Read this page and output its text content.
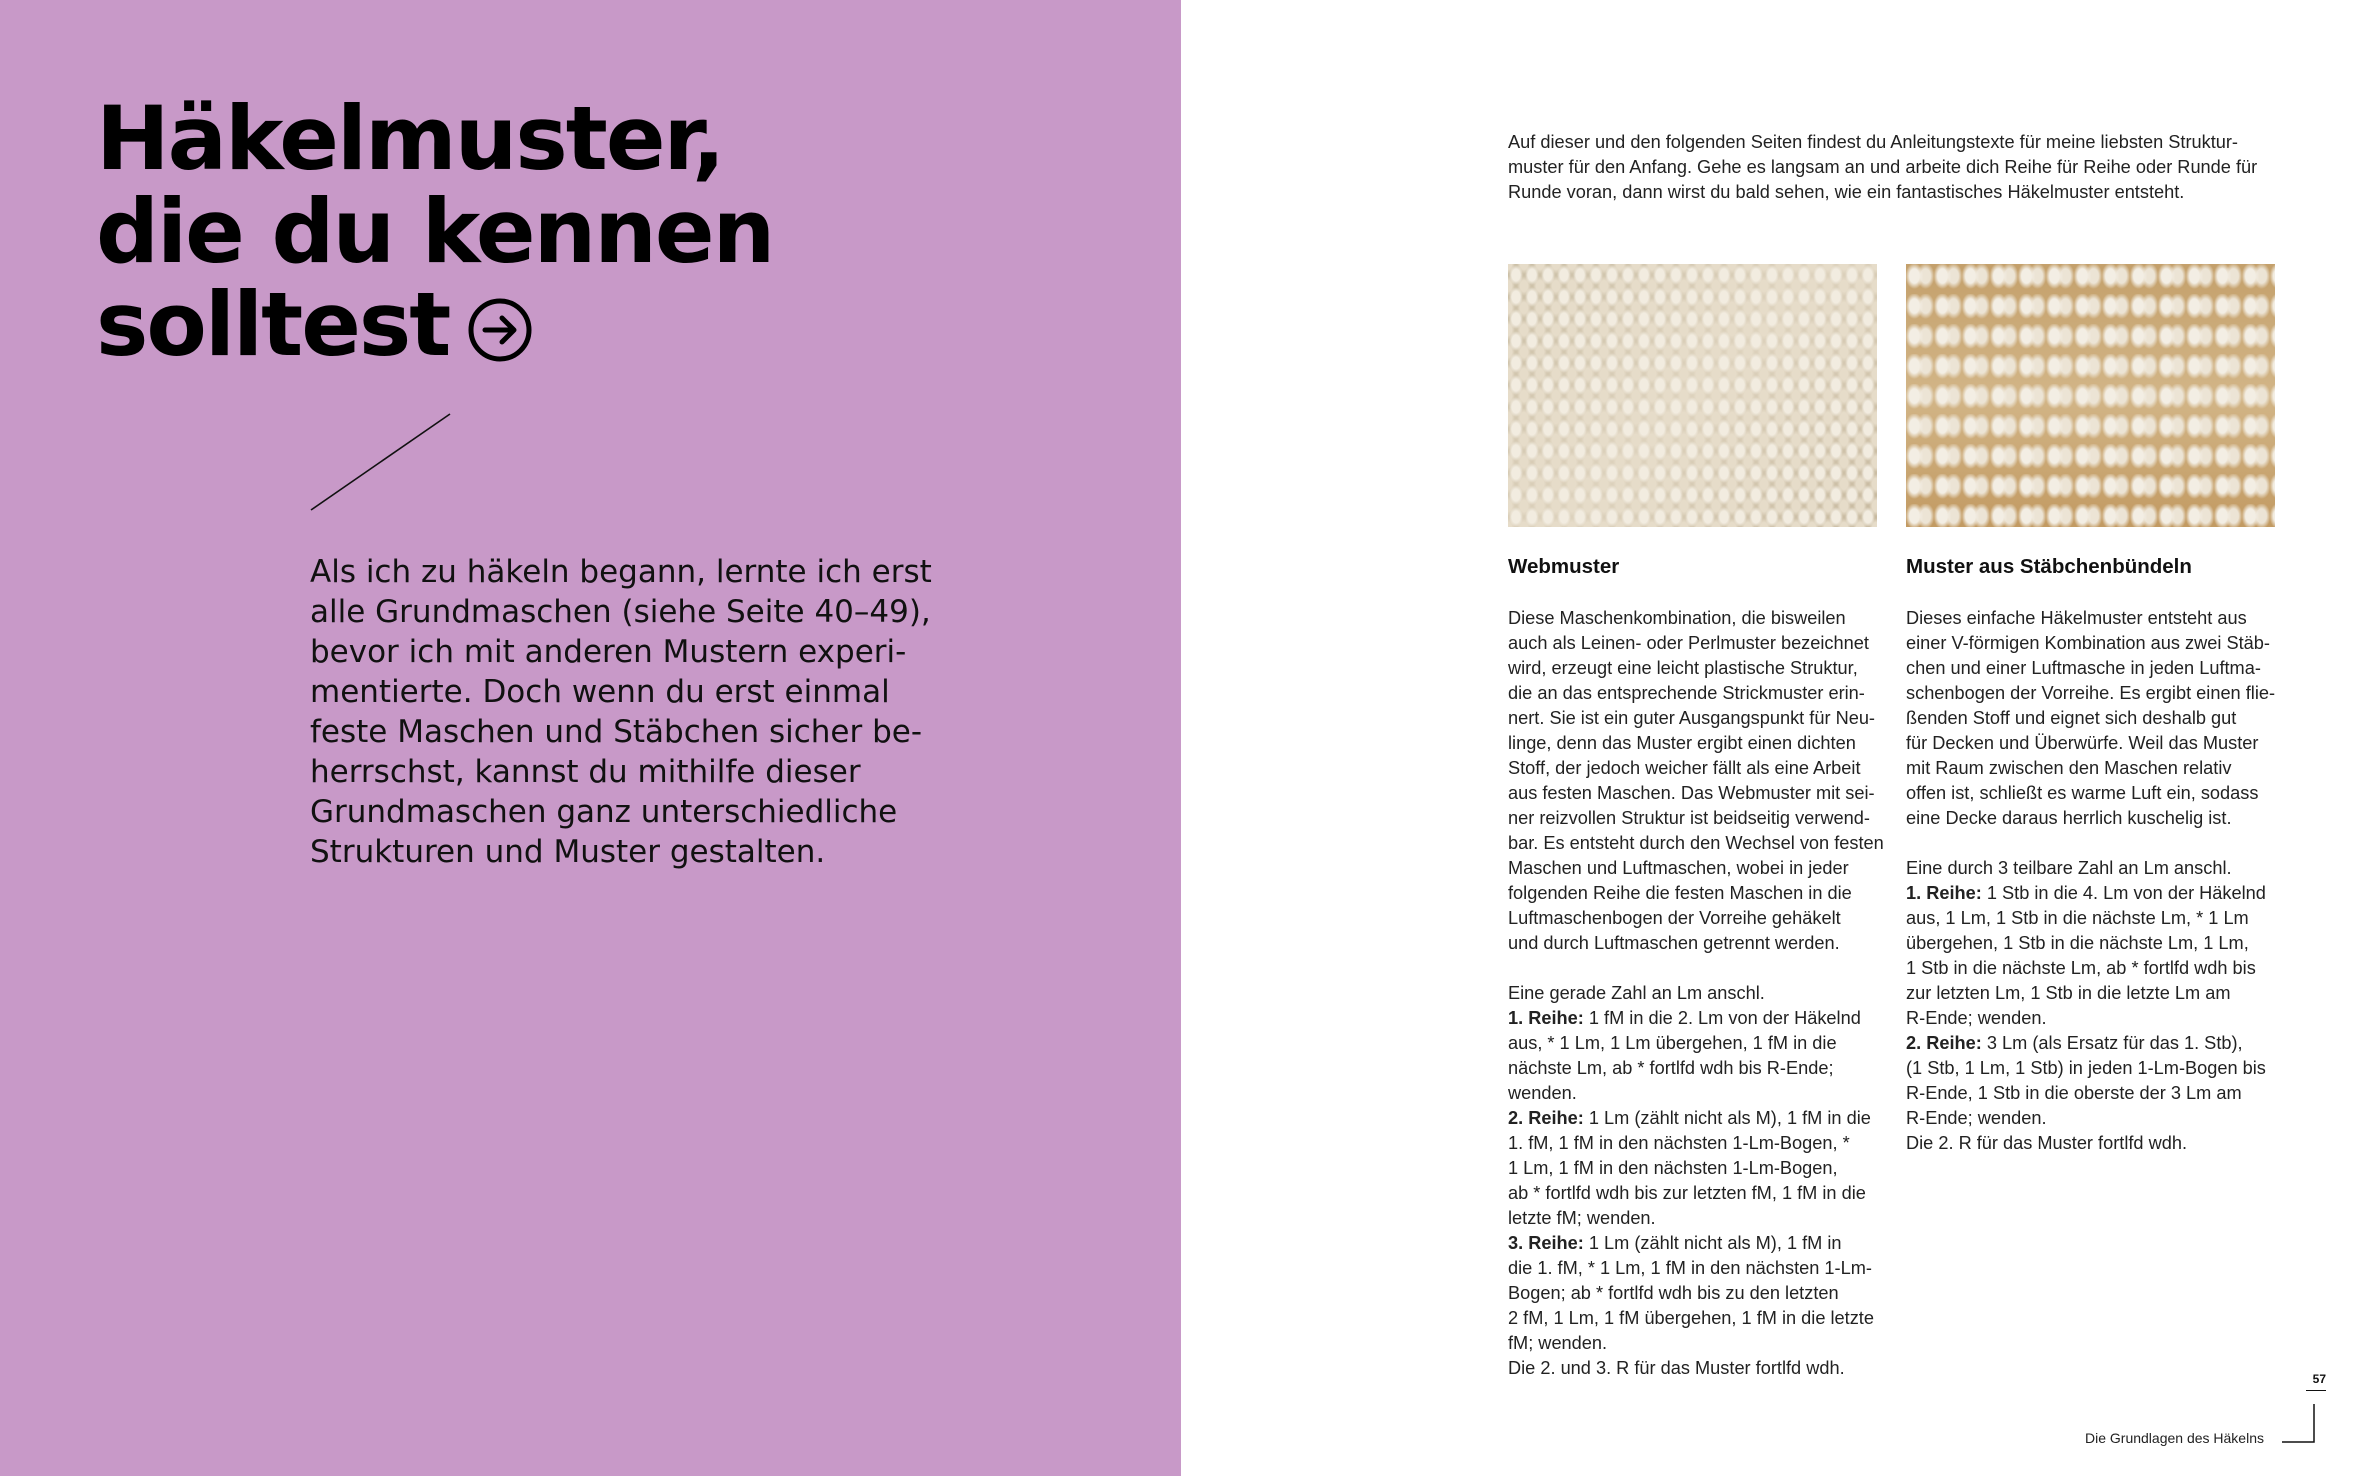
Häkelmuster,
die du kennen
solltest

Als ich zu häkeln begann, lernte ich erst
alle Grundmaschen (siehe Seite 40–49),
bevor ich mit anderen Mustern experi-
mentierte. Doch wenn du erst einmal
feste Maschen und Stäbchen sicher be-
herrschst, kannst du mithilfe dieser
Grundmaschen ganz unterschiedliche
Strukturen und Muster gestalten.

Auf dieser und den folgenden Seiten findest du Anleitungstexte für meine liebsten Struktur-
muster für den Anfang. Gehe es langsam an und arbeite dich Reihe für Reihe oder Runde für
Runde voran, dann wirst du bald sehen, wie ein fantastisches Häkelmuster entsteht.

Webmuster	Muster aus Stäbchenbündeln
Diese Maschenkombination, die bisweilen
auch als Leinen- oder Perlmuster bezeichnet
wird, erzeugt eine leicht plastische Struktur,
die an das entsprechende Strickmuster erin-
nert. Sie ist ein guter Ausgangspunkt für Neu-
linge, denn das Muster ergibt einen dichten
Stoff, der jedoch weicher fällt als eine Arbeit
aus festen Maschen. Das Webmuster mit sei-
ner reizvollen Struktur ist beidseitig verwend-
bar. Es entsteht durch den Wechsel von festen
Maschen und Luftmaschen, wobei in jeder
folgenden Reihe die festen Maschen in die
Luftmaschenbogen der Vorreihe gehäkelt
und durch Luftmaschen getrennt werden.
Eine gerade Zahl an Lm anschl.
1. Reihe: 1 fM in die 2. Lm von der Häkelnd
aus, * 1 Lm, 1 Lm übergehen, 1 fM in die
nächste Lm, ab * fortlfd wdh bis R-Ende;
wenden.
2. Reihe: 1 Lm (zählt nicht als M), 1 fM in die
1. fM, 1 fM in den nächsten 1-Lm-Bogen, *
1 Lm, 1 fM in den nächsten 1-Lm-Bogen,
ab * fortlfd wdh bis zur letzten fM, 1 fM in die
letzte fM; wenden.
3. Reihe: 1 Lm (zählt nicht als M), 1 fM in
die 1. fM, * 1 Lm, 1 fM in den nächsten 1-Lm-
Bogen; ab * fortlfd wdh bis zu den letzten
2 fM, 1 Lm, 1 fM übergehen, 1 fM in die letzte
fM; wenden.
Die 2. und 3. R für das Muster fortlfd wdh.
Dieses einfache Häkelmuster entsteht aus
einer V-förmigen Kombination aus zwei Stäb-
chen und einer Luftmasche in jeden Luftma-
schenbogen der Vorreihe. Es ergibt einen flie-
ßenden Stoff und eignet sich deshalb gut
für Decken und Überwürfe. Weil das Muster
mit Raum zwischen den Maschen relativ
offen ist, schließt es warme Luft ein, sodass
eine Decke daraus herrlich kuschelig ist.
Eine durch 3 teilbare Zahl an Lm anschl.
1. Reihe: 1 Stb in die 4. Lm von der Häkelnd
aus, 1 Lm, 1 Stb in die nächste Lm, * 1 Lm
übergehen, 1 Stb in die nächste Lm, 1 Lm,
1 Stb in die nächste Lm, ab * fortlfd wdh bis
zur letzten Lm, 1 Stb in die letzte Lm am
R-Ende; wenden.
2. Reihe: 3 Lm (als Ersatz für das 1. Stb),
(1 Stb, 1 Lm, 1 Stb) in jeden 1-Lm-Bogen bis
R-Ende, 1 Stb in die oberste der 3 Lm am
R-Ende; wenden.
Die 2. R für das Muster fortlfd wdh.
57
Die Grundlagen des Häkelns
